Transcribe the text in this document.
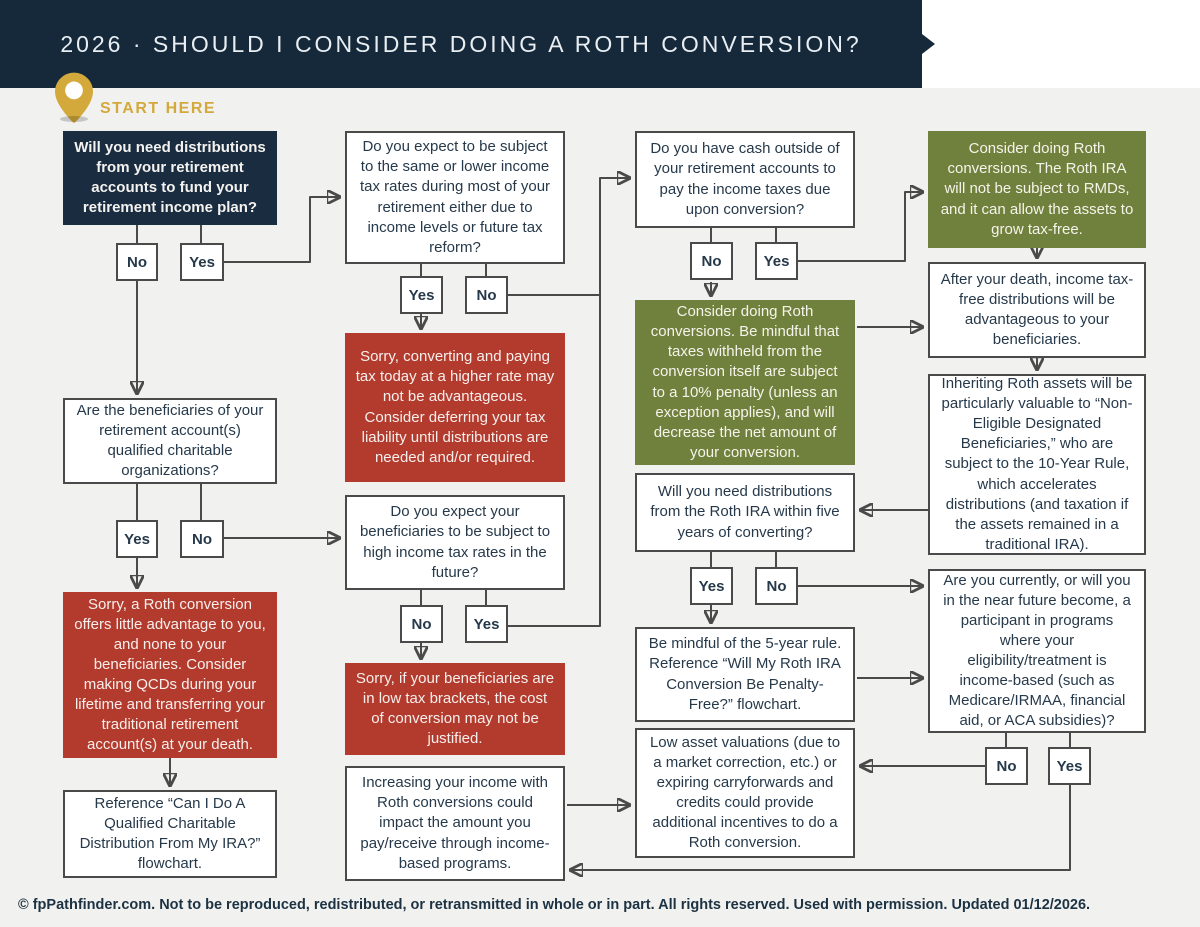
2026 · SHOULD I CONSIDER DOING A ROTH CONVERSION?
START HERE
Will you need distributions from your retirement accounts to fund your retirement income plan?
No	Yes
Are the beneficiaries of your retirement account(s) qualified charitable organizations?
Yes	No
Sorry, a Roth conversion offers little advantage to you, and none to your beneficiaries. Consider making QCDs during your lifetime and transferring your traditional retirement account(s) at your death.
Reference “Can I Do A Qualified Charitable Distribution From My IRA?” flowchart.
Do you expect to be subject to the same or lower income tax rates during most of your retirement either due to income levels or future tax reform?
Yes	No
Sorry, converting and paying tax today at a higher rate may not be advantageous. Consider deferring your tax liability until distributions are needed and/or required.
Do you expect your beneficiaries to be subject to high income tax rates in the future?
No	Yes
Sorry, if your beneficiaries are in low tax brackets, the cost of conversion may not be justified.
Increasing your income with Roth conversions could impact the amount you pay/receive through income-based programs.
Do you have cash outside of your retirement accounts to pay the income taxes due upon conversion?
No	Yes
Consider doing Roth conversions. Be mindful that taxes withheld from the conversion itself are subject to a 10% penalty (unless an exception applies), and will decrease the net amount of your conversion.
Will you need distributions from the Roth IRA within five years of converting?
Yes	No
Be mindful of the 5-year rule. Reference “Will My Roth IRA Conversion Be Penalty-Free?” flowchart.
Low asset valuations (due to a market correction, etc.) or expiring carryforwards and credits could provide additional incentives to do a Roth conversion.
Consider doing Roth conversions. The Roth IRA will not be subject to RMDs, and it can allow the assets to grow tax-free.
After your death, income tax-free distributions will be advantageous to your beneficiaries.
Inheriting Roth assets will be particularly valuable to “Non-Eligible Designated Beneficiaries,” who are subject to the 10-Year Rule, which accelerates distributions (and taxation if the assets remained in a traditional IRA).
Are you currently, or will you in the near future become, a participant in programs where your eligibility/treatment is income-based (such as Medicare/IRMAA, financial aid, or ACA subsidies)?
No	Yes
© fpPathfinder.com. Not to be reproduced, redistributed, or retransmitted in whole or in part. All rights reserved. Used with permission. Updated 01/12/2026.
